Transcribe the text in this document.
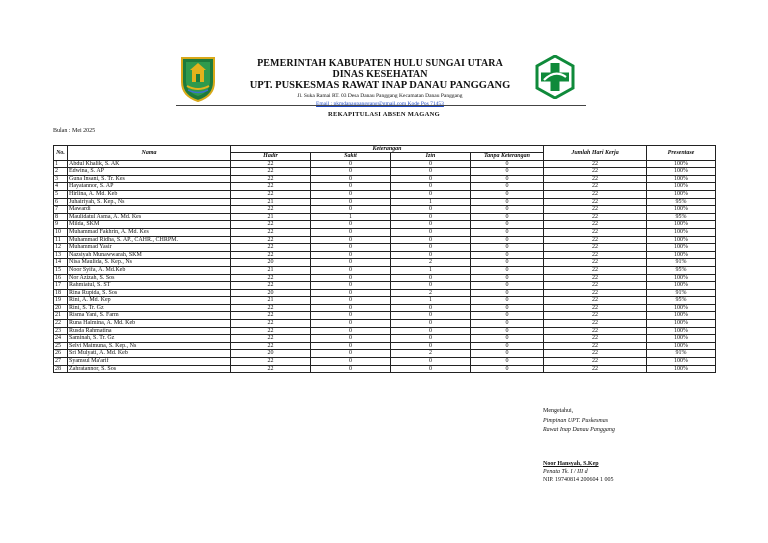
PEMERINTAH KABUPATEN HULU SUNGAI UTARA
DINAS KESEHATAN
UPT. PUSKESMAS RAWAT INAP DANAU PANGGANG
Jl. Suka Ramai RT. 03 Desa Danau Panggang Kecamatan Danau Panggang
Email : pkmdanaupanggang@gmail.com Kode Pos 71453
REKAPITULASI ABSEN MAGANG
Bulan : Mei 2025
No.	Nama	Keterangan				Jumlah Hari Kerja	Presentase
		Hadir	Sakit	Izin	Tanpa Keterangan		
1	Abdul Khalik, S. AK	22	0	0	0	22	100%
2	Edwina, S. AP	22	0	0	0	22	100%
3	Guna Insani, S. Tr. Kes	22	0	0	0	22	100%
4	Hayatannor, S. AP	22	0	0	0	22	100%
5	Hirlina, A. Md. Keb	22	0	0	0	22	100%
6	Juhairiyah, S. Kep., Ns	21	0	1	0	22	95%
7	Mawardi	22	0	0	0	22	100%
8	Maulidatul Asma, A. Md. Kes	21	1	0	0	22	95%
9	Milda, SKM	22	0	0	0	22	100%
10	Muhammad Fakhrin, A. Md. Kes	22	0	0	0	22	100%
11	Muhammad Ridha, S. AP., CAHR., CHRPM.	22	0	0	0	22	100%
12	Muhammad Yasir	22	0	0	0	22	100%
13	Nazsiyah Munawwarah, SKM	22	0	0	0	22	100%
14	Nisa Maulida, S. Kep., Ns	20	0	2	0	22	91%
15	Noor Syifa, A. Md.Keb	21	0	1	0	22	95%
16	Nor Azizah, S. Sos	22	0	0	0	22	100%
17	Rahmiatul, S. ST	22	0	0	0	22	100%
18	Rina Rupida, S. Sos	20	0	2	0	22	91%
19	Rini, A. Md. Kep	21	0	1	0	22	95%
20	Rini, S. Tr. Gz	22	0	0	0	22	100%
21	Risma Yani, S. Farm	22	0	0	0	22	100%
22	Runa Halmina, A. Md. Keb	22	0	0	0	22	100%
23	Rusda Rahmatina	22	0	0	0	22	100%
24	Saminah, S. Tr. Gz	22	0	0	0	22	100%
25	Selvi Maimuna, S. Kep., Ns	22	0	0	0	22	100%
26	Sri Mulyati, A. Md. Keb	20	0	2	0	22	91%
27	Syamsul Ma'arif	22	0	0	0	22	100%
28	Zahratannor, S. Sos	22	0	0	0	22	100%
Mengetahui,
Pimpinan UPT. Puskesmas
Rawat Inap Danau Panggang
Noor Hansyah, S.Kep
Penata Tk. I / III d
NIP. 19740814 200604 1 005
